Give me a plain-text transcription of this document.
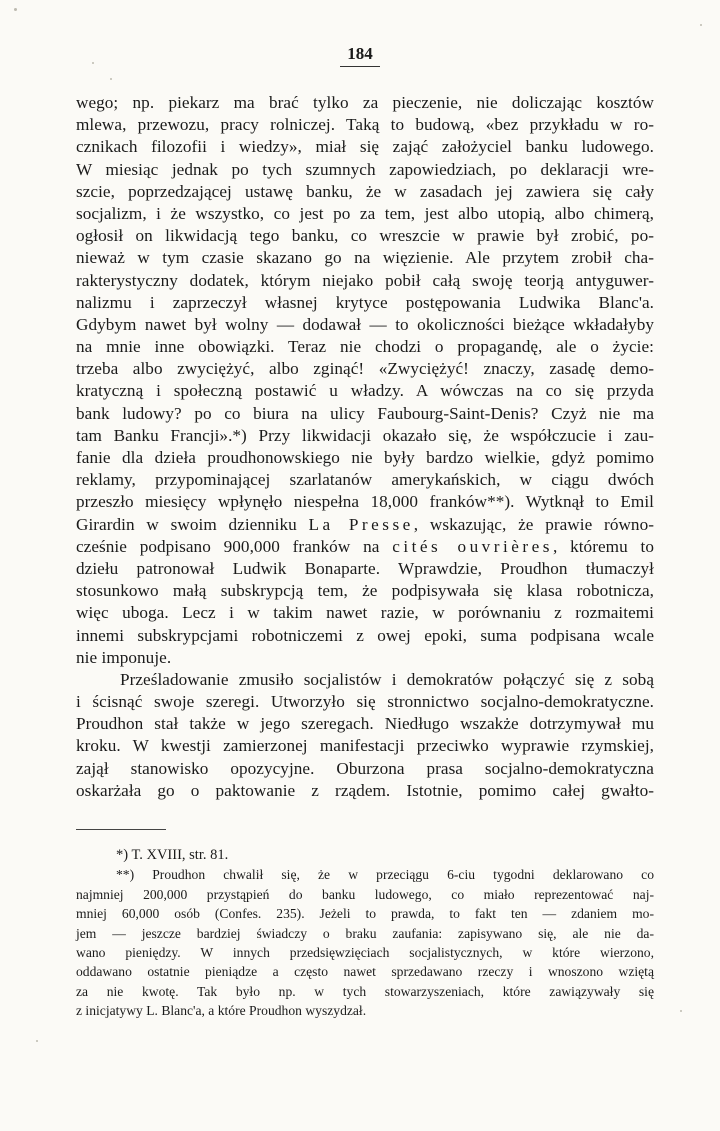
184
wego; np. piekarz ma brać tylko za pieczenie, nie doliczając kosztów
mlewa, przewozu, pracy rolniczej. Taką to budową, «bez przykładu w ro-
cznikach filozofii i wiedzy», miał się zająć założyciel banku ludowego.
W miesiąc jednak po tych szumnych zapowiedziach, po deklaracji wre-
szcie, poprzedzającej ustawę banku, że w zasadach jej zawiera się cały
socjalizm, i że wszystko, co jest po za tem, jest albo utopią, albo chimerą,
ogłosił on likwidacją tego banku, co wreszcie w prawie był zrobić, po-
nieważ w tym czasie skazano go na więzienie. Ale przytem zrobił cha-
rakterystyczny dodatek, którym niejako pobił całą swoję teorją antyguwer-
nalizmu i zaprzeczył własnej krytyce postępowania Ludwika Blanc'a.
Gdybym nawet był wolny — dodawał — to okoliczności bieżące wkładałyby
na mnie inne obowiązki. Teraz nie chodzi o propagandę, ale o życie:
trzeba albo zwyciężyć, albo zginąć! «Zwyciężyć! znaczy, zasadę demo-
kratyczną i społeczną postawić u władzy. A wówczas na co się przyda
bank ludowy? po co biura na ulicy Faubourg-Saint-Denis? Czyż nie ma
tam Banku Francji».*) Przy likwidacji okazało się, że współczucie i zau-
fanie dla dzieła proudhonowskiego nie były bardzo wielkie, gdyż pomimo
reklamy, przypominającej szarlatanów amerykańskich, w ciągu dwóch
przeszło miesięcy wpłynęło niespełna 18,000 franków**). Wytknął to Emil
Girardin w swoim dzienniku La Presse, wskazując, że prawie równo-
cześnie podpisano 900,000 franków na cités ouvrières, któremu to
dziełu patronował Ludwik Bonaparte. Wprawdzie, Proudhon tłumaczył
stosunkowo małą subskrypcją tem, że podpisywała się klasa robotnicza,
więc uboga. Lecz i w takim nawet razie, w porównaniu z rozmaitemi
innemi subskrypcjami robotniczemi z owej epoki, suma podpisana wcale
nie imponuje.
Prześladowanie zmusiło socjalistów i demokratów połączyć się z sobą
i ścisnąć swoje szeregi. Utworzyło się stronnictwo socjalno-demokratyczne.
Proudhon stał także w jego szeregach. Niedługo wszakże dotrzymywał mu
kroku. W kwestji zamierzonej manifestacji przeciwko wyprawie rzymskiej,
zajął stanowisko opozycyjne. Oburzona prasa socjalno-demokratyczna
oskarżała go o paktowanie z rządem. Istotnie, pomimo całej gwałto-
*) T. XVIII, str. 81.
**) Proudhon chwalił się, że w przeciągu 6-ciu tygodni deklarowano co
najmniej 200,000 przystąpień do banku ludowego, co miało reprezentować naj-
mniej 60,000 osób (Confes. 235). Jeżeli to prawda, to fakt ten — zdaniem mo-
jem — jeszcze bardziej świadczy o braku zaufania: zapisywano się, ale nie da-
wano pieniędzy. W innych przedsięwzięciach socjalistycznych, w które wierzono,
oddawano ostatnie pieniądze a często nawet sprzedawano rzeczy i wnoszono wziętą
za nie kwotę. Tak było np. w tych stowarzyszeniach, które zawiązywały się
z inicjatywy L. Blanc'a, a które Proudhon wyszydzał.
